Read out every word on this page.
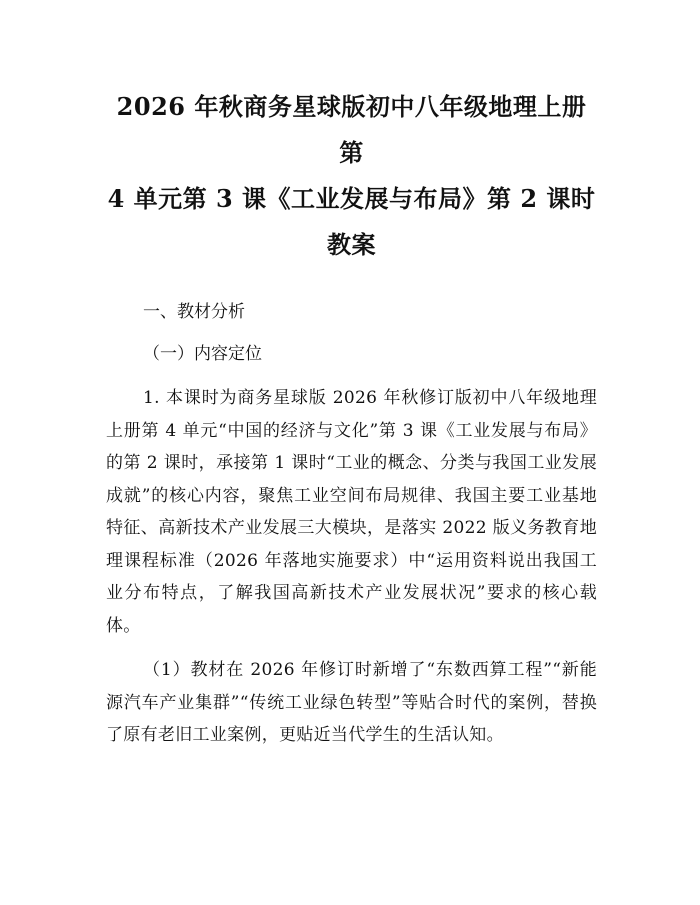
2026 年秋商务星球版初中八年级地理上册第
4 单元第 3 课《工业发展与布局》第 2 课时
教案

一、教材分析

（一）内容定位

1. 本课时为商务星球版 2026 年秋修订版初中八年级地理上册第 4 单元“中国的经济与文化”第 3 课《工业发展与布局》的第 2 课时，承接第 1 课时“工业的概念、分类与我国工业发展成就”的核心内容，聚焦工业空间布局规律、我国主要工业基地特征、高新技术产业发展三大模块，是落实 2022 版义务教育地理课程标准（2026 年落地实施要求）中“运用资料说出我国工业分布特点，了解我国高新技术产业发展状况”要求的核心载体。

（1）教材在 2026 年修订时新增了“东数西算工程”“新能源汽车产业集群”“传统工业绿色转型”等贴合时代的案例，替换了原有老旧工业案例，更贴近当代学生的生活认知。
